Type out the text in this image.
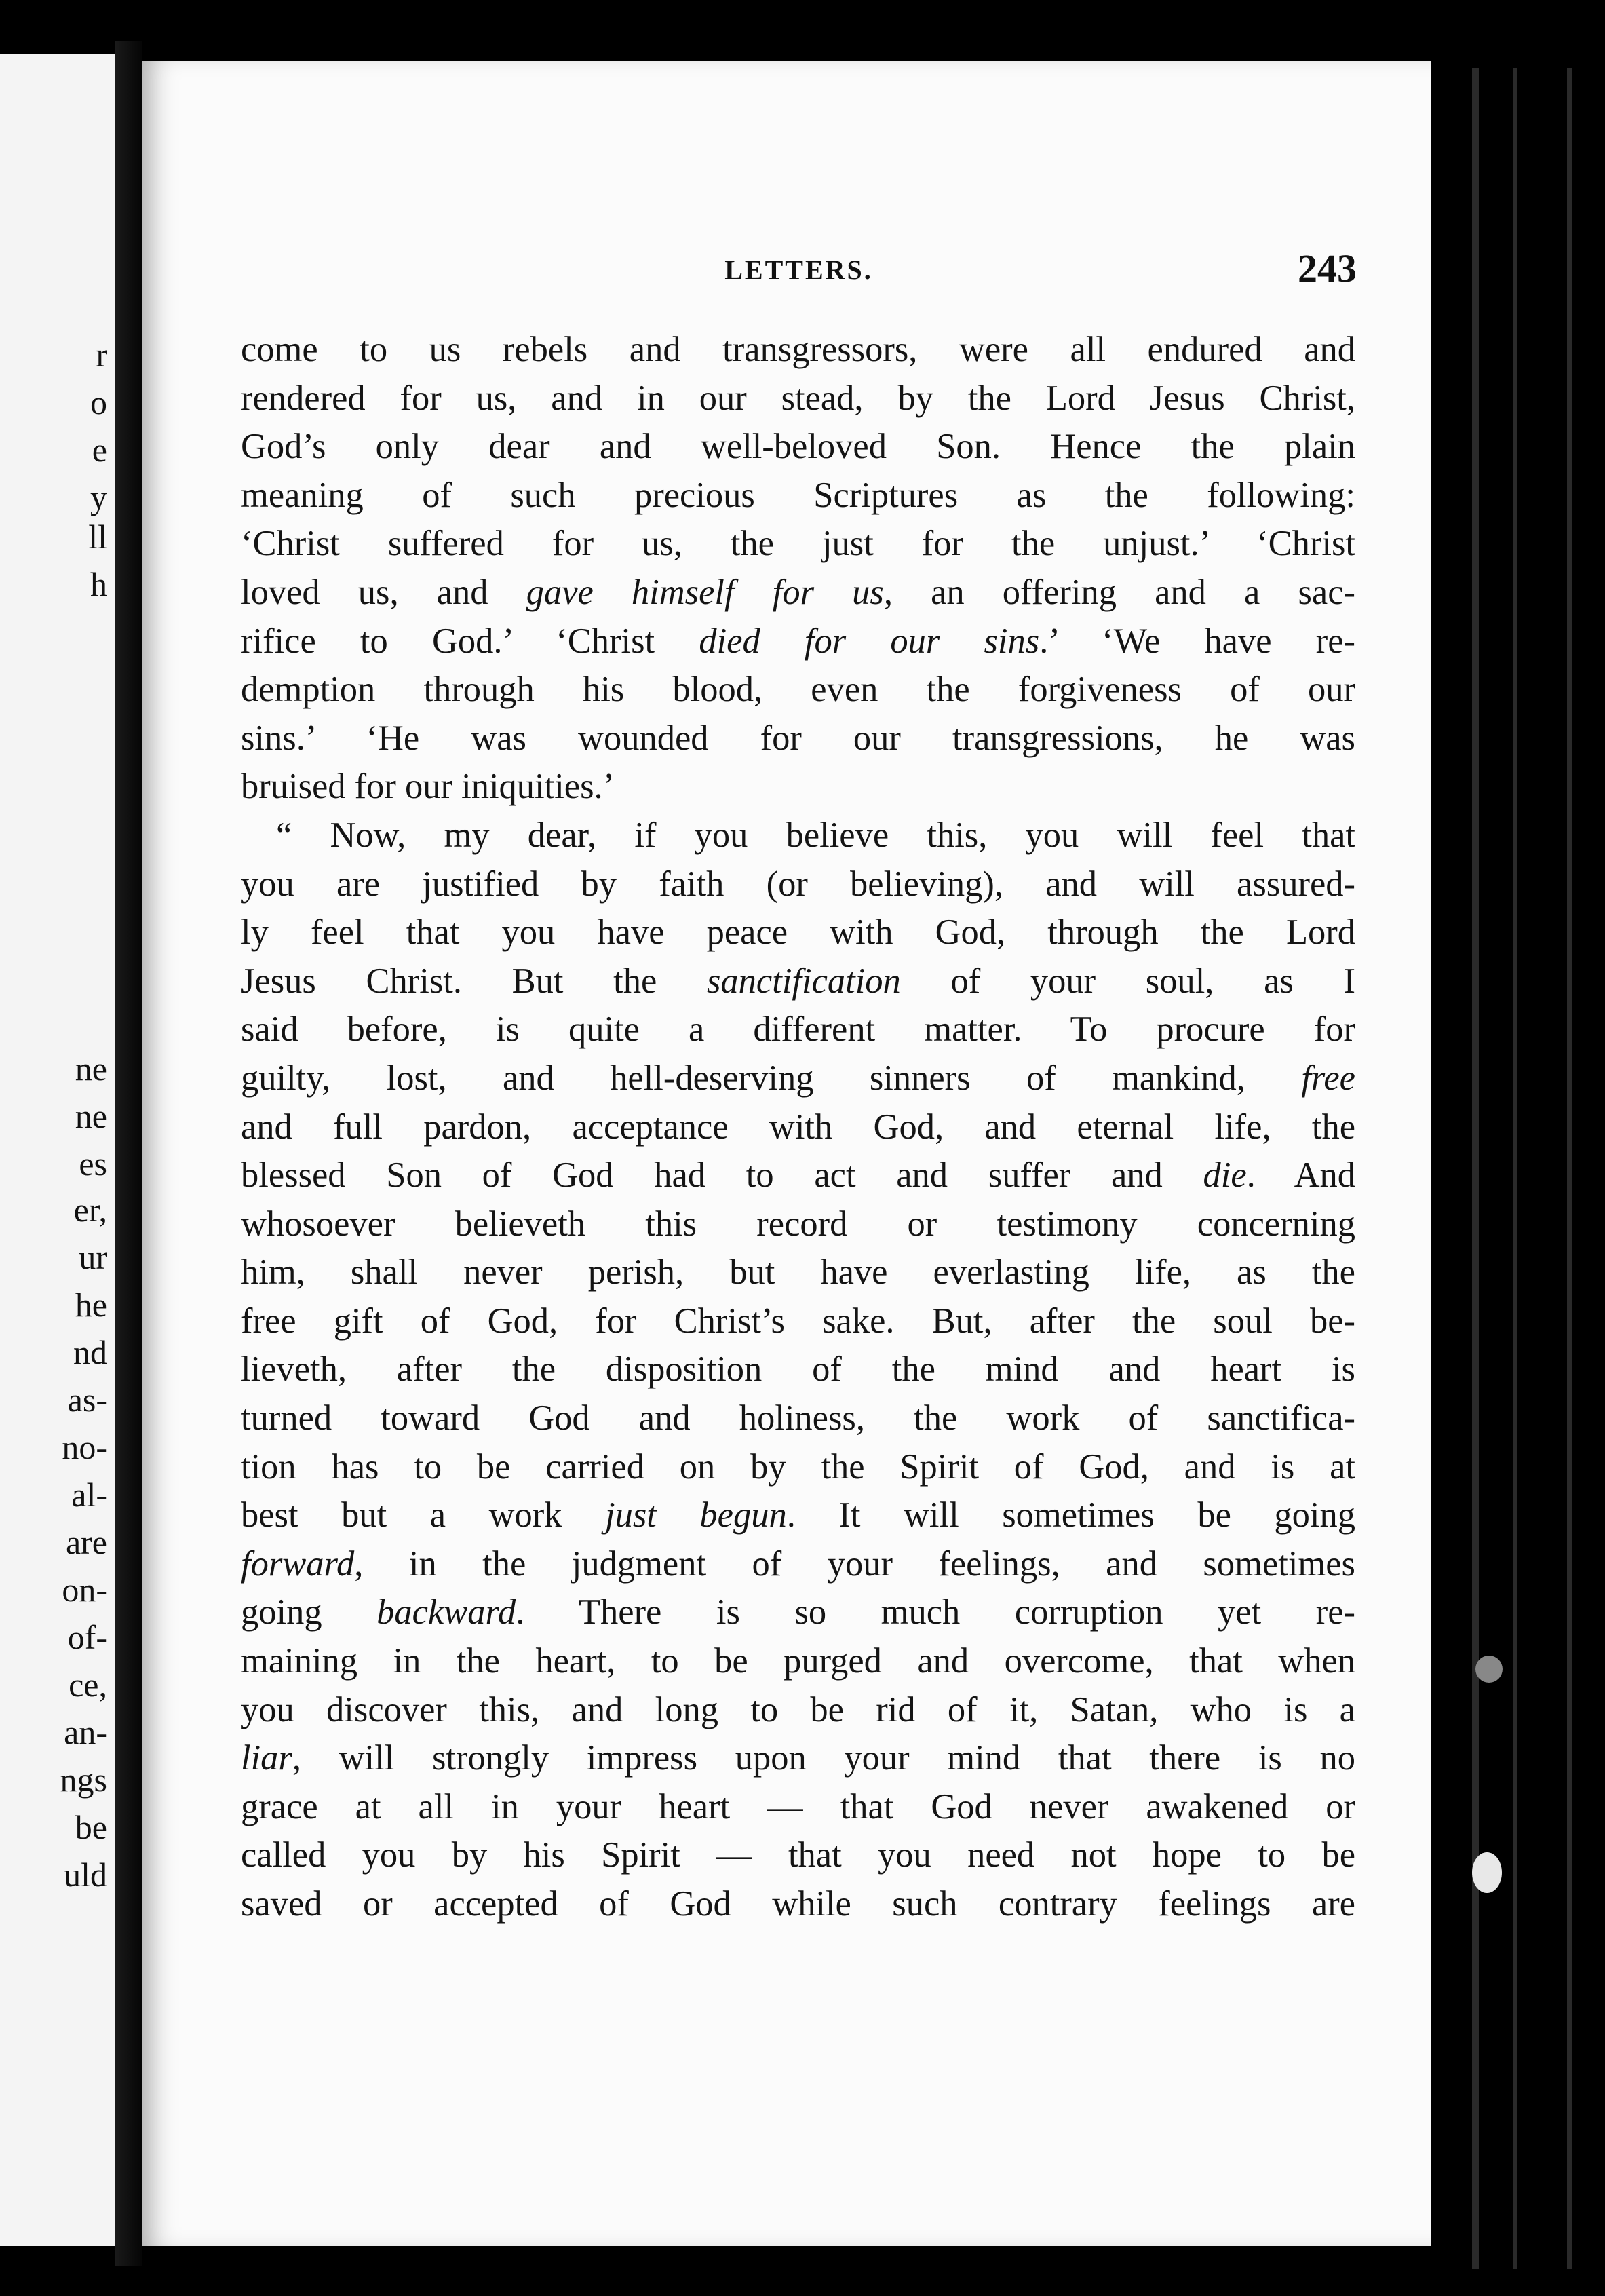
r
o
e
y
ll
h
ne
ne
es
er,
ur
he
nd
as-
no-
al-
are
on-
of-
ce,
an-
ngs
be
uld
LETTERS.	243
come to us rebels and transgressors, were all endured and
rendered for us, and in our stead, by the Lord Jesus Christ,
God’s only dear and well-beloved Son. Hence the plain
meaning of such precious Scriptures as the following:
‘Christ suffered for us, the just for the unjust.’ ‘Christ
loved us, and gave himself for us, an offering and a sac-
rifice to God.’ ‘Christ died for our sins.’ ‘We have re-
demption through his blood, even the forgiveness of our
sins.’ ‘He was wounded for our transgressions, he was
bruised for our iniquities.’
“ Now, my dear, if you believe this, you will feel that
you are justified by faith (or believing), and will assured-
ly feel that you have peace with God, through the Lord
Jesus Christ. But the sanctification of your soul, as I
said before, is quite a different matter. To procure for
guilty, lost, and hell-deserving sinners of mankind, free
and full pardon, acceptance with God, and eternal life, the
blessed Son of God had to act and suffer and die. And
whosoever believeth this record or testimony concerning
him, shall never perish, but have everlasting life, as the
free gift of God, for Christ’s sake. But, after the soul be-
lieveth, after the disposition of the mind and heart is
turned toward God and holiness, the work of sanctifica-
tion has to be carried on by the Spirit of God, and is at
best but a work just begun. It will sometimes be going
forward, in the judgment of your feelings, and sometimes
going backward. There is so much corruption yet re-
maining in the heart, to be purged and overcome, that when
you discover this, and long to be rid of it, Satan, who is a
liar, will strongly impress upon your mind that there is no
grace at all in your heart — that God never awakened or
called you by his Spirit — that you need not hope to be
saved or accepted of God while such contrary feelings are
